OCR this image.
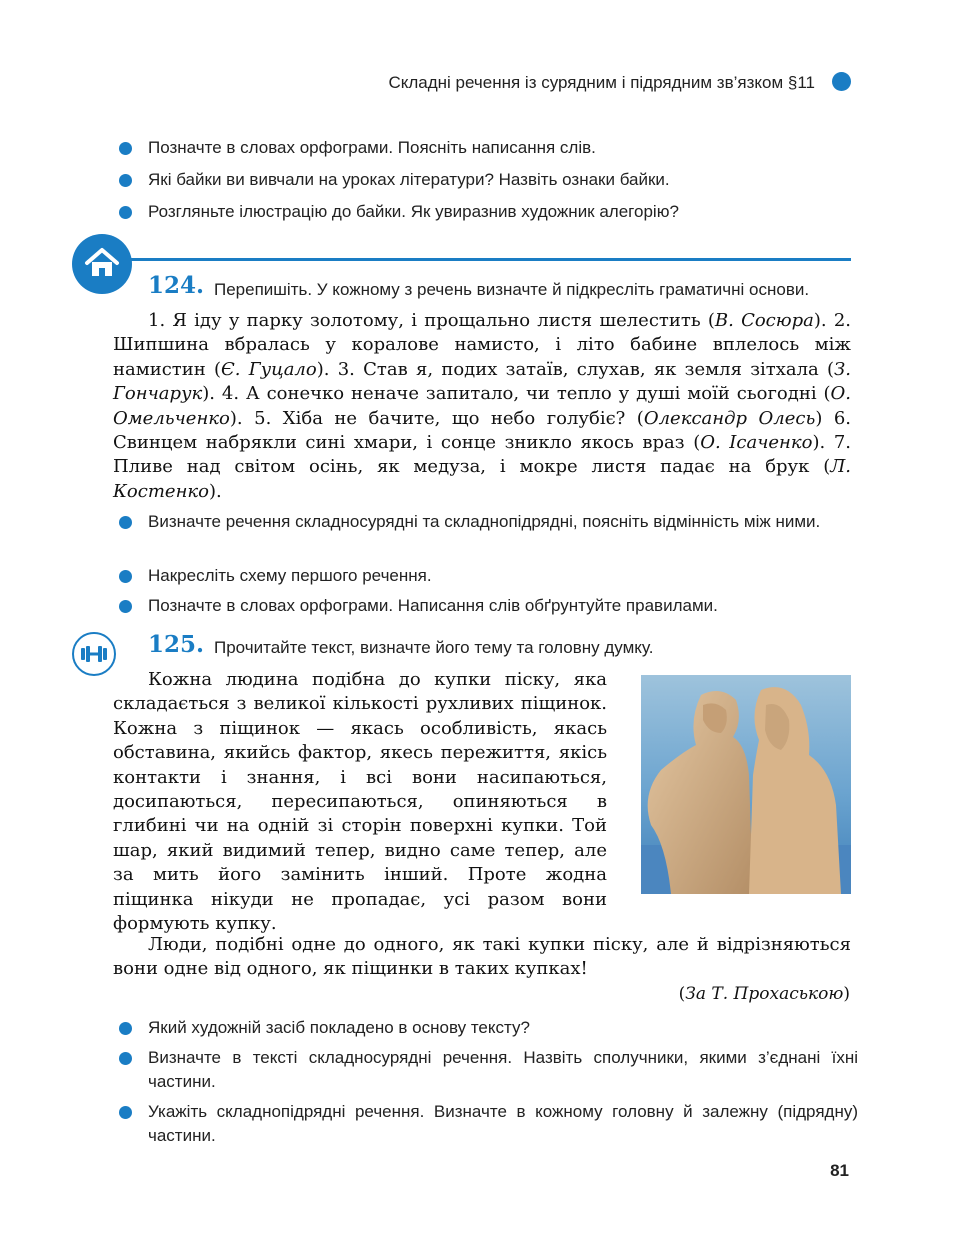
Складні речення із сурядним і підрядним зв’язком §11
Позначте в словах орфограми. Поясніть написання слів.
Які байки ви вивчали на уроках літератури? Назвіть ознаки байки.
Розгляньте ілюстрацію до байки. Як увиразнив художник алегорію?
124. Перепишіть. У кожному з речень визначте й підкресліть граматичні основи.
1. Я іду у парку золотому, і прощально листя шелестить (В. Сосюра). 2. Шипшина вбралась у коралове намисто, і літо бабине вплелось між намистин (Є. Гуцало). 3. Став я, подих затаїв, слухав, як земля зітхала (З. Гончарук). 4. А сонечко неначе запитало, чи тепло у душі моїй сьогодні (О. Омельченко). 5. Хіба не бачите, що небо голубіє? (Олександр Олесь) 6. Свинцем набрякли сині хмари, і сонце зникло якось враз (О. Ісаченко). 7. Пливе над світом осінь, як медуза, і мокре листя падає на брук (Л. Костенко).
Визначте речення складносурядні та складнопідрядні, поясніть відмінність між ними.
Накресліть схему першого речення.
Позначте в словах орфограми. Написання слів обґрунтуйте правилами.
125. Прочитайте текст, визначте його тему та головну думку.
Кожна людина подібна до купки піску, яка складається з великої кількості рухливих піщинок. Кожна з піщинок — якась особливість, якась обставина, якийсь фактор, якесь пережиття, якісь контакти і знання, і всі вони насипаються, досипаються, пересипаються, опиняються в глибині чи на одній зі сторін поверхні купки. Той шар, який видимий тепер, видно саме тепер, але за мить його замінить інший. Проте жодна піщинка нікуди не пропадає, усі разом вони формують купку.
Люди, подібні одне до одного, як такі купки піску, але й відрізняються вони одне від одного, як піщинки в таких купках!
(За Т. Прохаською)
Який художній засіб покладено в основу тексту?
Визначте в тексті складносурядні речення. Назвіть сполучники, якими з’єднані їхні частини.
Укажіть складнопідрядні речення. Визначте в кожному головну й залежну (підрядну) частини.
81
